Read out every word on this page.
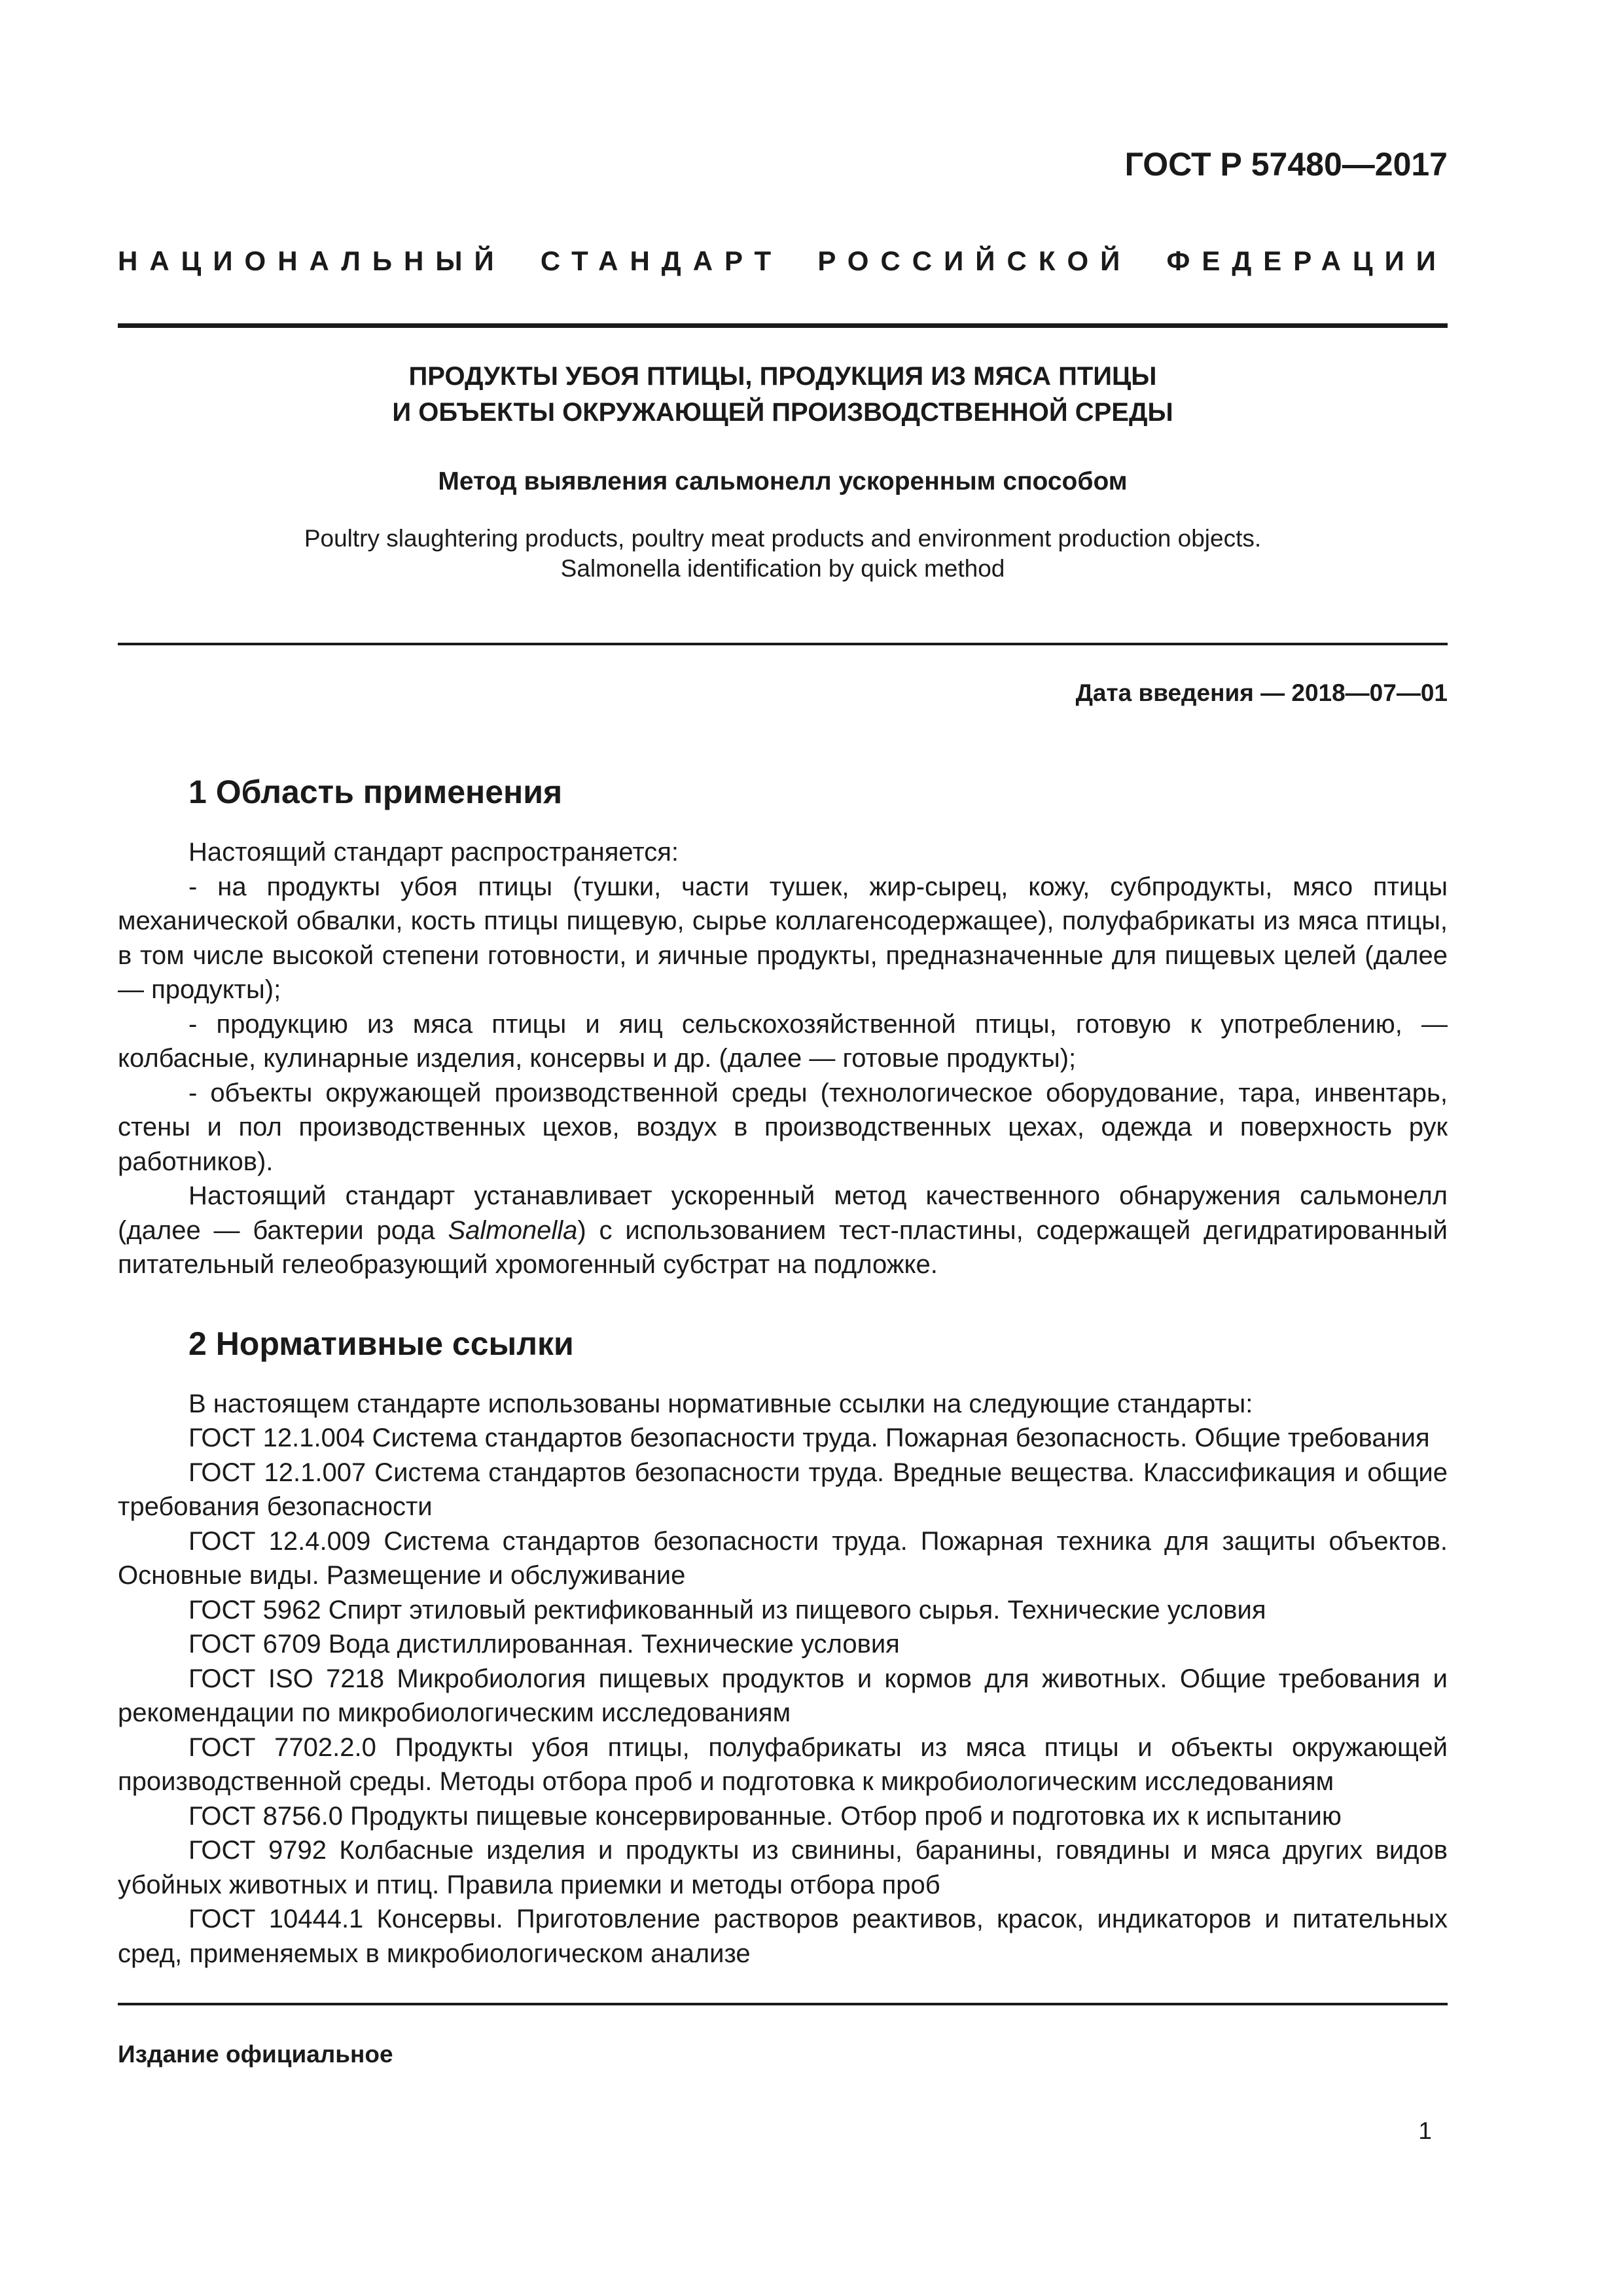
ГОСТ Р 57480—2017
НАЦИОНАЛЬНЫЙ СТАНДАРТ РОССИЙСКОЙ ФЕДЕРАЦИИ
ПРОДУКТЫ УБОЯ ПТИЦЫ, ПРОДУКЦИЯ ИЗ МЯСА ПТИЦЫ
И ОБЪЕКТЫ ОКРУЖАЮЩЕЙ ПРОИЗВОДСТВЕННОЙ СРЕДЫ
Метод выявления сальмонелл ускоренным способом
Poultry slaughtering products, poultry meat products and environment production objects.
Salmonella identification by quick method
Дата введения — 2018—07—01
1 Область применения

Настоящий стандарт распространяется:

- на продукты убоя птицы (тушки, части тушек, жир-сырец, кожу, субпродукты, мясо птицы механической обвалки, кость птицы пищевую, сырье коллагенсодержащее), полуфабрикаты из мяса птицы, в том числе высокой степени готовности, и яичные продукты, предназначенные для пищевых целей (далее — продукты);

- продукцию из мяса птицы и яиц сельскохозяйственной птицы, готовую к употреблению, — колбасные, кулинарные изделия, консервы и др. (далее — готовые продукты);

- объекты окружающей производственной среды (технологическое оборудование, тара, инвентарь, стены и пол производственных цехов, воздух в производственных цехах, одежда и поверхность рук работников).

Настоящий стандарт устанавливает ускоренный метод качественного обнаружения сальмонелл (далее — бактерии рода Salmonella) с использованием тест-пластины, содержащей дегидратированный питательный гелеобразующий хромогенный субстрат на подложке.

2 Нормативные ссылки

В настоящем стандарте использованы нормативные ссылки на следующие стандарты:

ГОСТ 12.1.004 Система стандартов безопасности труда. Пожарная безопасность. Общие требования

ГОСТ 12.1.007 Система стандартов безопасности труда. Вредные вещества. Классификация и общие требования безопасности

ГОСТ 12.4.009 Система стандартов безопасности труда. Пожарная техника для защиты объектов. Основные виды. Размещение и обслуживание

ГОСТ 5962 Спирт этиловый ректификованный из пищевого сырья. Технические условия

ГОСТ 6709 Вода дистиллированная. Технические условия

ГОСТ ISO 7218 Микробиология пищевых продуктов и кормов для животных. Общие требования и рекомендации по микробиологическим исследованиям

ГОСТ 7702.2.0 Продукты убоя птицы, полуфабрикаты из мяса птицы и объекты окружающей производственной среды. Методы отбора проб и подготовка к микробиологическим исследованиям

ГОСТ 8756.0 Продукты пищевые консервированные. Отбор проб и подготовка их к испытанию

ГОСТ 9792 Колбасные изделия и продукты из свинины, баранины, говядины и мяса других видов убойных животных и птиц. Правила приемки и методы отбора проб

ГОСТ 10444.1 Консервы. Приготовление растворов реактивов, красок, индикаторов и питательных сред, применяемых в микробиологическом анализе

Издание официальное
1
